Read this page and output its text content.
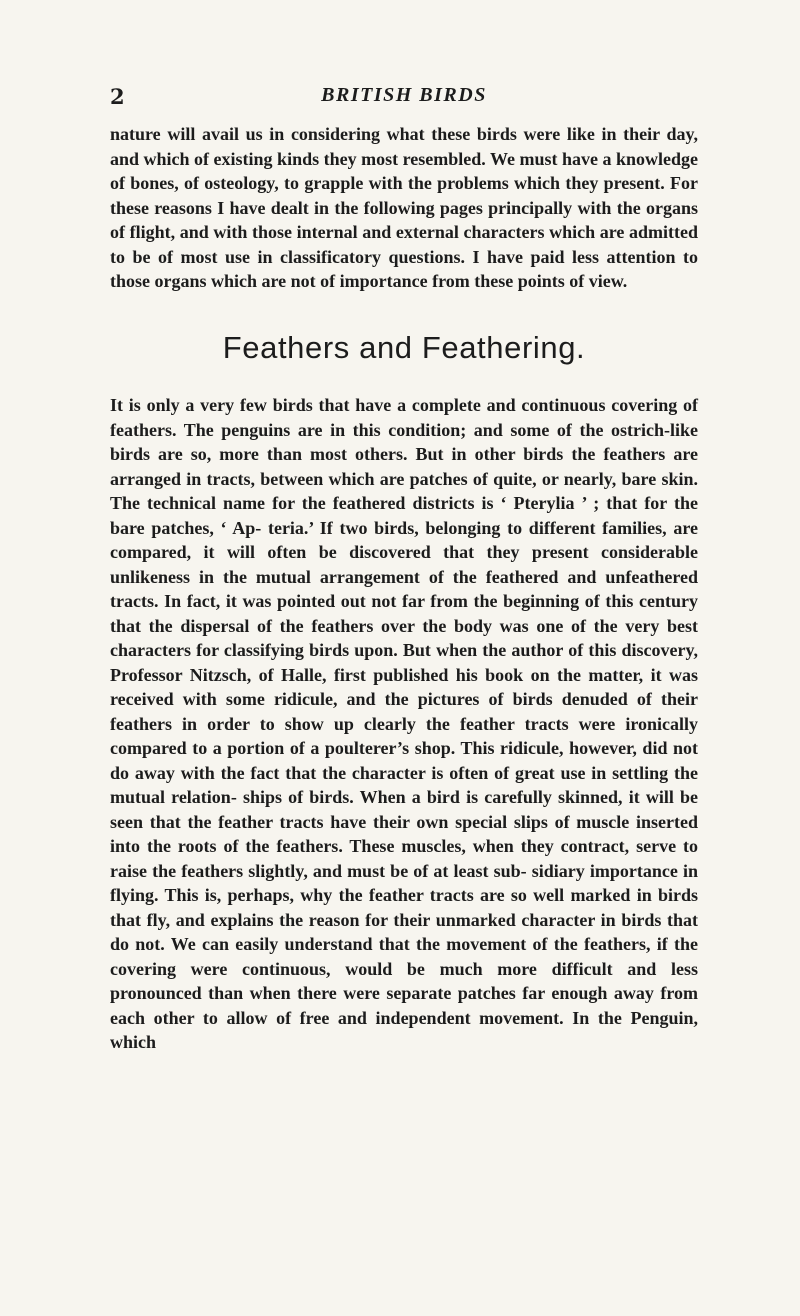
2	BRITISH BIRDS

nature will avail us in considering what these birds were like in their day, and which of existing kinds they most resembled. We must have a knowledge of bones, of osteology, to grapple with the problems which they present. For these reasons I have dealt in the following pages principally with the organs of flight, and with those internal and external characters which are admitted to be of most use in classificatory questions. I have paid less attention to those organs which are not of importance from these points of view.

Feathers and Feathering.

It is only a very few birds that have a complete and continuous covering of feathers. The penguins are in this condition; and some of the ostrich-like birds are so, more than most others. But in other birds the feathers are arranged in tracts, between which are patches of quite, or nearly, bare skin. The technical name for the feathered districts is ‘ Pterylia ’ ; that for the bare patches, ‘ Ap- teria.’ If two birds, belonging to different families, are compared, it will often be discovered that they present considerable unlikeness in the mutual arrangement of the feathered and unfeathered tracts. In fact, it was pointed out not far from the beginning of this century that the dispersal of the feathers over the body was one of the very best characters for classifying birds upon. But when the author of this discovery, Professor Nitzsch, of Halle, first published his book on the matter, it was received with some ridicule, and the pictures of birds denuded of their feathers in order to show up clearly the feather tracts were ironically compared to a portion of a poulterer’s shop. This ridicule, however, did not do away with the fact that the character is often of great use in settling the mutual relation- ships of birds. When a bird is carefully skinned, it will be seen that the feather tracts have their own special slips of muscle inserted into the roots of the feathers. These muscles, when they contract, serve to raise the feathers slightly, and must be of at least sub- sidiary importance in flying. This is, perhaps, why the feather tracts are so well marked in birds that fly, and explains the reason for their unmarked character in birds that do not. We can easily understand that the movement of the feathers, if the covering were continuous, would be much more difficult and less pronounced than when there were separate patches far enough away from each other to allow of free and independent movement. In the Penguin, which
